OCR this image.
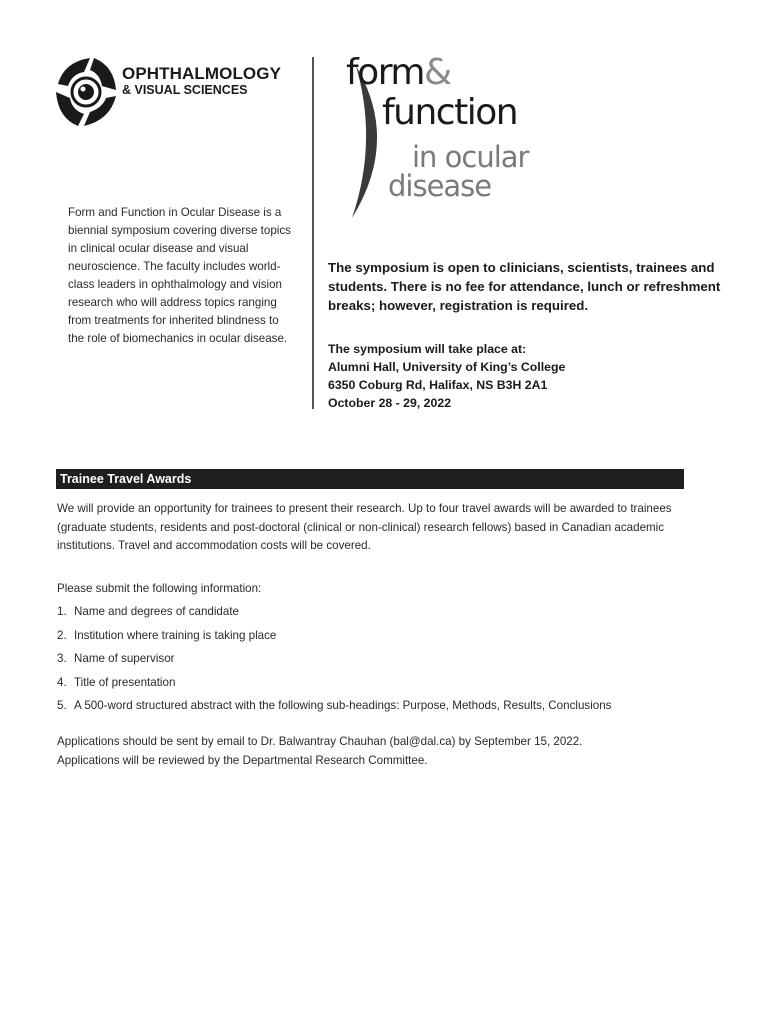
OPHTHALMOLOGY
& VISUAL SCIENCES
Form and Function in Ocular Disease is a biennial symposium covering diverse topics in clinical ocular disease and visual neuroscience. The faculty includes world-class leaders in ophthalmology and vision research who will address topics ranging from treatments for inherited blindness to the role of biomechanics in ocular disease.
form&
function
in ocular
disease
The symposium is open to clinicians, scientists, trainees and students. There is no fee for attendance, lunch or refreshment breaks; however, registration is required.
The symposium will take place at:
Alumni Hall, University of King’s College
6350 Coburg Rd, Halifax, NS B3H 2A1
October 28 - 29, 2022
Trainee Travel Awards
We will provide an opportunity for trainees to present their research. Up to four travel awards will be awarded to trainees (graduate students, residents and post-doctoral (clinical or non-clinical) research fellows) based in Canadian academic institutions. Travel and accommodation costs will be covered.
Please submit the following information:
1. Name and degrees of candidate
2. Institution where training is taking place
3. Name of supervisor
4. Title of presentation
5. A 500-word structured abstract with the following sub-headings: Purpose, Methods, Results, Conclusions
Applications should be sent by email to Dr. Balwantray Chauhan (bal@dal.ca) by September 15, 2022.
Applications will be reviewed by the Departmental Research Committee.
